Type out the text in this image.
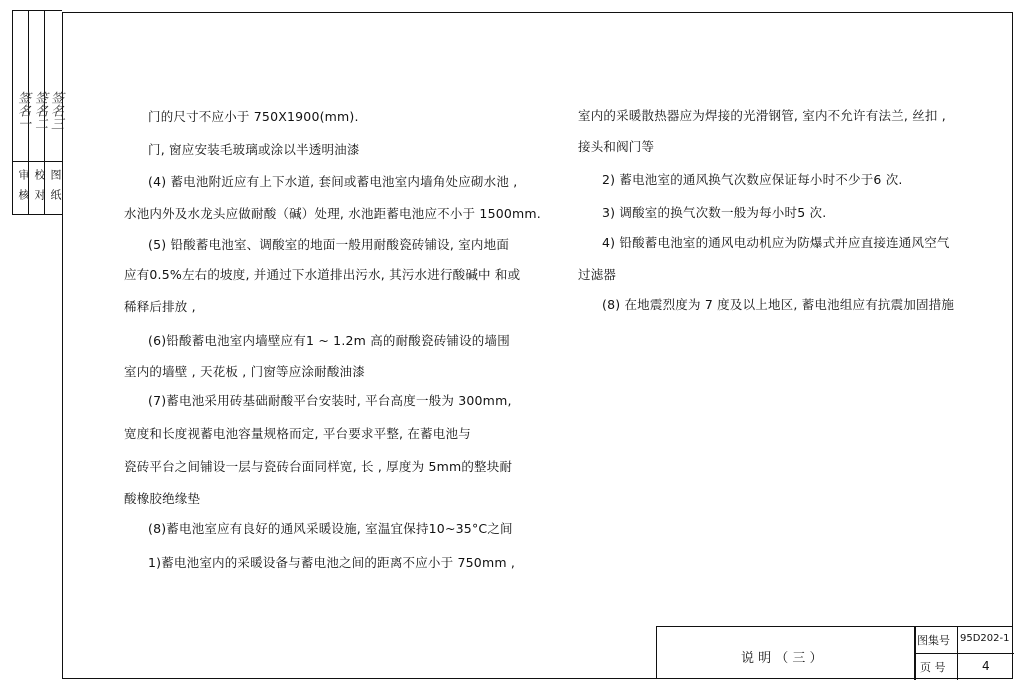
签名一 签名二 签名三
审
核
校
对
图
纸
门的尺寸不应小于 750X1900(mm).
门, 窗应安装毛玻璃或涂以半透明油漆
(4) 蓄电池附近应有上下水道, 套间或蓄电池室内墙角处应砌水池 ,
水池内外及水龙头应做耐酸（碱）处理, 水池距蓄电池应不小于 1500mm.
(5) 铅酸蓄电池室、调酸室的地面一般用耐酸瓷砖铺设, 室内地面
应有0.5%左右的坡度, 并通过下水道排出污水, 其污水进行酸碱中 和或
稀释后排放 ,
(6)铅酸蓄电池室内墙壁应有1 ~ 1.2m 高的耐酸瓷砖铺设的墙围
室内的墙壁 , 天花板 , 门窗等应涂耐酸油漆
(7)蓄电池采用砖基础耐酸平台安装时, 平台高度一般为 300mm,
宽度和长度视蓄电池容量规格而定, 平台要求平整, 在蓄电池与
瓷砖平台之间铺设一层与瓷砖台面同样宽, 长 , 厚度为 5mm的整块耐
酸橡胶绝缘垫
(8)蓄电池室应有良好的通风采暖设施, 室温宜保持10~35°C之间
1)蓄电池室内的采暖设备与蓄电池之间的距离不应小于 750mm ,
室内的采暖散热器应为焊接的光滑钢管, 室内不允许有法兰, 丝扣 ,
接头和阀门等
2) 蓄电池室的通风换气次数应保证每小时不少于6 次.
3) 调酸室的换气次数一般为每小时5 次.
4) 铅酸蓄电池室的通风电动机应为防爆式并应直接连通风空气
过滤器
(8) 在地震烈度为 7 度及以上地区, 蓄电池组应有抗震加固措施
说 明 （ 三 ）
图集号 95D202-1
页 号	4
